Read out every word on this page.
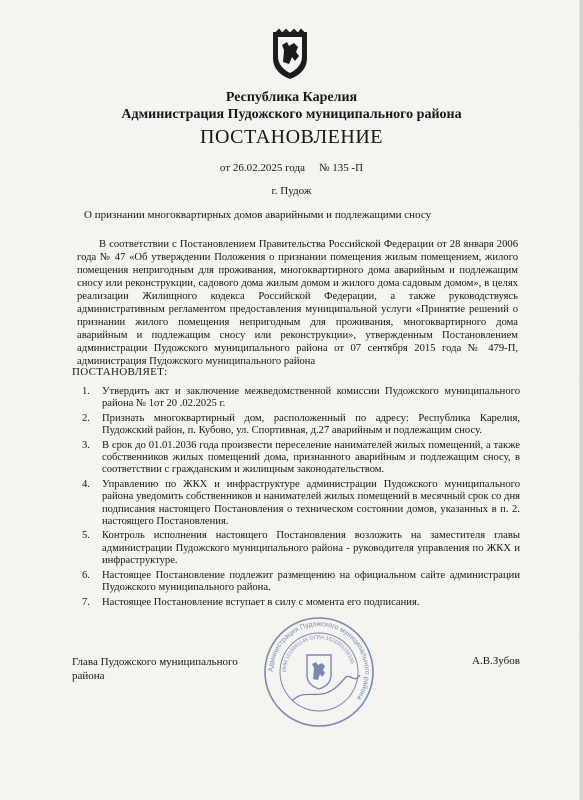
Республика Карелия
Администрация Пудожского муниципального района
ПОСТАНОВЛЕНИЕ
от 26.02.2025 года № 135 -П
г. Пудож
О признании многоквартирных домов аварийными и подлежащими сносу
В соответствии с Постановлением Правительства Российской Федерации от 28 января 2006 года № 47 «Об утверждении Положения о признании помещения жилым помещением, жилого помещения непригодным для проживания, многоквартирного дома аварийным и подлежащим сносу или реконструкции, садового дома жилым домом и жилого дома садовым домом», в целях реализации Жилищного кодекса Российской Федерации, а также руководствуясь административным регламентом предоставления муниципальной услуги «Принятие решений о признании жилого помещения непригодным для проживания, многоквартирного дома аварийным и подлежащим сносу или реконструкции», утвержденным Постановлением администрации Пудожского муниципального района от 07 сентября 2015 года № 479-П, администрация Пудожского муниципального района
ПОСТАНОВЛЯЕТ:
1. Утвердить акт и заключение межведомственной комиссии Пудожского муниципального района № 1от 20 .02.2025 г.
2. Признать многоквартирный дом, расположенный по адресу: Республика Карелия, Пудожский район, п. Кубово, ул. Спортивная, д.27 аварийным и подлежащим сносу.
3. В срок до 01.01.2036 года произвести переселение нанимателей жилых помещений, а также собственников жилых помещений дома, признанного аварийным и подлежащим сносу, в соответствии с гражданским и жилищным законодательством.
4. Управлению по ЖКХ и инфраструктуре администрации Пудожского муниципального района уведомить собственников и нанимателей жилых помещений в месячный срок со дня подписания настоящего Постановления о техническом состоянии домов, указанных в п. 2. настоящего Постановления.
5. Контроль исполнения настоящего Постановления возложить на заместителя главы администрации Пудожского муниципального района - руководителя управления по ЖКХ и инфраструктуре.
6. Настоящее Постановление подлежит размещению на официальном сайте администрации Пудожского муниципального района.
7. Настоящее Постановление вступает в силу с момента его подписания.
Глава Пудожского муниципального
района
Администрация Пудожского муниципального района
ИНН 1015001145 ОГРН 1021001150190	А.В.Зубов
